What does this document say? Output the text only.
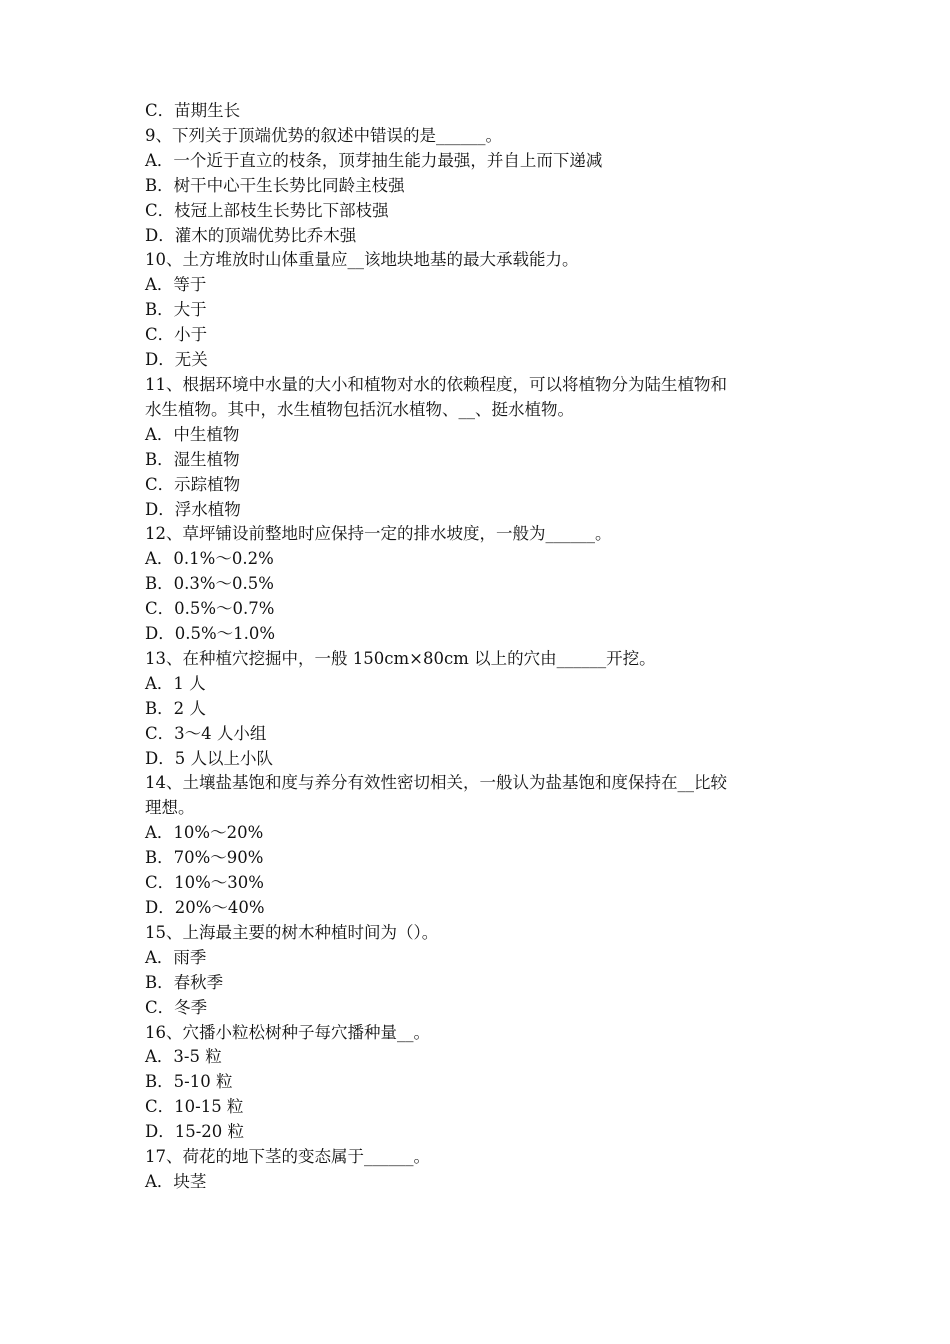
C．苗期生长

9、下列关于顶端优势的叙述中错误的是______。

A．一个近于直立的枝条，顶芽抽生能力最强，并自上而下递减

B．树干中心干生长势比同龄主枝强

C．枝冠上部枝生长势比下部枝强

D．灌木的顶端优势比乔木强

10、土方堆放时山体重量应__该地块地基的最大承载能力。

A．等于

B．大于

C．小于

D．无关

11、根据环境中水量的大小和植物对水的依赖程度，可以将植物分为陆生植物和

水生植物。其中，水生植物包括沉水植物、__、挺水植物。

A．中生植物

B．湿生植物

C．示踪植物

D．浮水植物

12、草坪铺设前整地时应保持一定的排水坡度，一般为______。

A．0.1%～0.2%

B．0.3%～0.5%

C．0.5%～0.7%

D．0.5%～1.0%

13、在种植穴挖掘中，一般 150cm×80cm 以上的穴由______开挖。

A．1 人

B．2 人

C．3～4 人小组

D．5 人以上小队

14、土壤盐基饱和度与养分有效性密切相关，一般认为盐基饱和度保持在__比较

理想。

A．10%～20%

B．70%～90%

C．10%～30%

D．20%～40%

15、上海最主要的树木种植时间为（）。

A．雨季

B．春秋季

C．冬季

16、穴播小粒松树种子每穴播种量__。

A．3-5 粒

B．5-10 粒

C．10-15 粒

D．15-20 粒

17、荷花的地下茎的变态属于______。

A．块茎
